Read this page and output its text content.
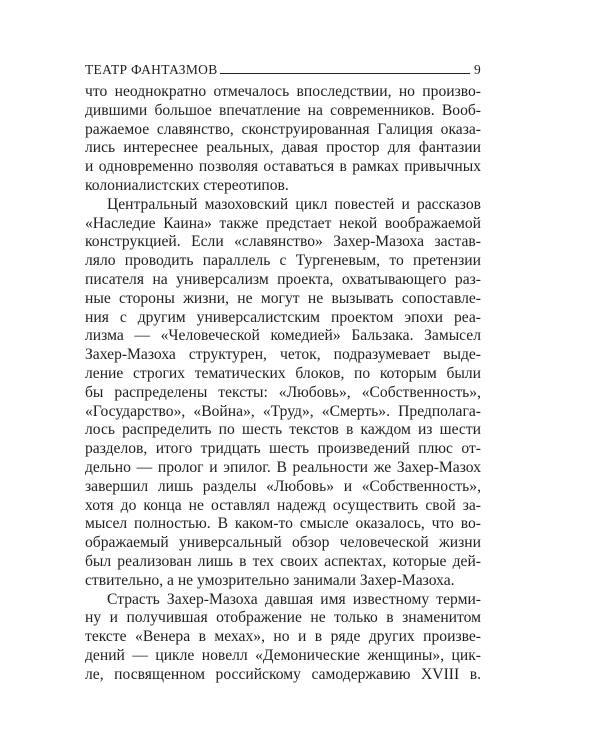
ТЕАТР ФАНТАЗМОВ	9
что неоднократно отмечалось впоследствии, но произво-
дившими большое впечатление на современников. Вооб-
ражаемое славянство, сконструированная Галиция оказа-
лись интереснее реальных, давая простор для фантазии
и одновременно позволяя оставаться в рамках привычных
колониалистских стереотипов.
Центральный мазоховский цикл повестей и рассказов
«Наследие Каина» также предстает некой воображаемой
конструкцией. Если «славянство» Захер-Мазоха застав-
ляло проводить параллель с Тургеневым, то претензии
писателя на универсализм проекта, охватывающего раз-
ные стороны жизни, не могут не вызывать сопоставле-
ния с другим универсалистским проектом эпохи реа-
лизма — «Человеческой комедией» Бальзака. Замысел
Захер-Мазоха структурен, четок, подразумевает выде-
ление строгих тематических блоков, по которым были
бы распределены тексты: «Любовь», «Собственность»,
«Государство», «Война», «Труд», «Смерть». Предполага-
лось распределить по шесть текстов в каждом из шести
разделов, итого тридцать шесть произведений плюс от-
дельно — пролог и эпилог. В реальности же Захер-Мазох
завершил лишь разделы «Любовь» и «Собственность»,
хотя до конца не оставлял надежд осуществить свой за-
мысел полностью. В каком-то смысле оказалось, что во-
ображаемый универсальный обзор человеческой жизни
был реализован лишь в тех своих аспектах, которые дей-
ствительно, а не умозрительно занимали Захер-Мазоха.
Страсть Захер-Мазоха давшая имя известному терми-
ну и получившая отображение не только в знаменитом
тексте «Венера в мехах», но и в ряде других произве-
дений — цикле новелл «Демонические женщины», цик-
ле, посвященном российскому самодержавию XVIII в.
